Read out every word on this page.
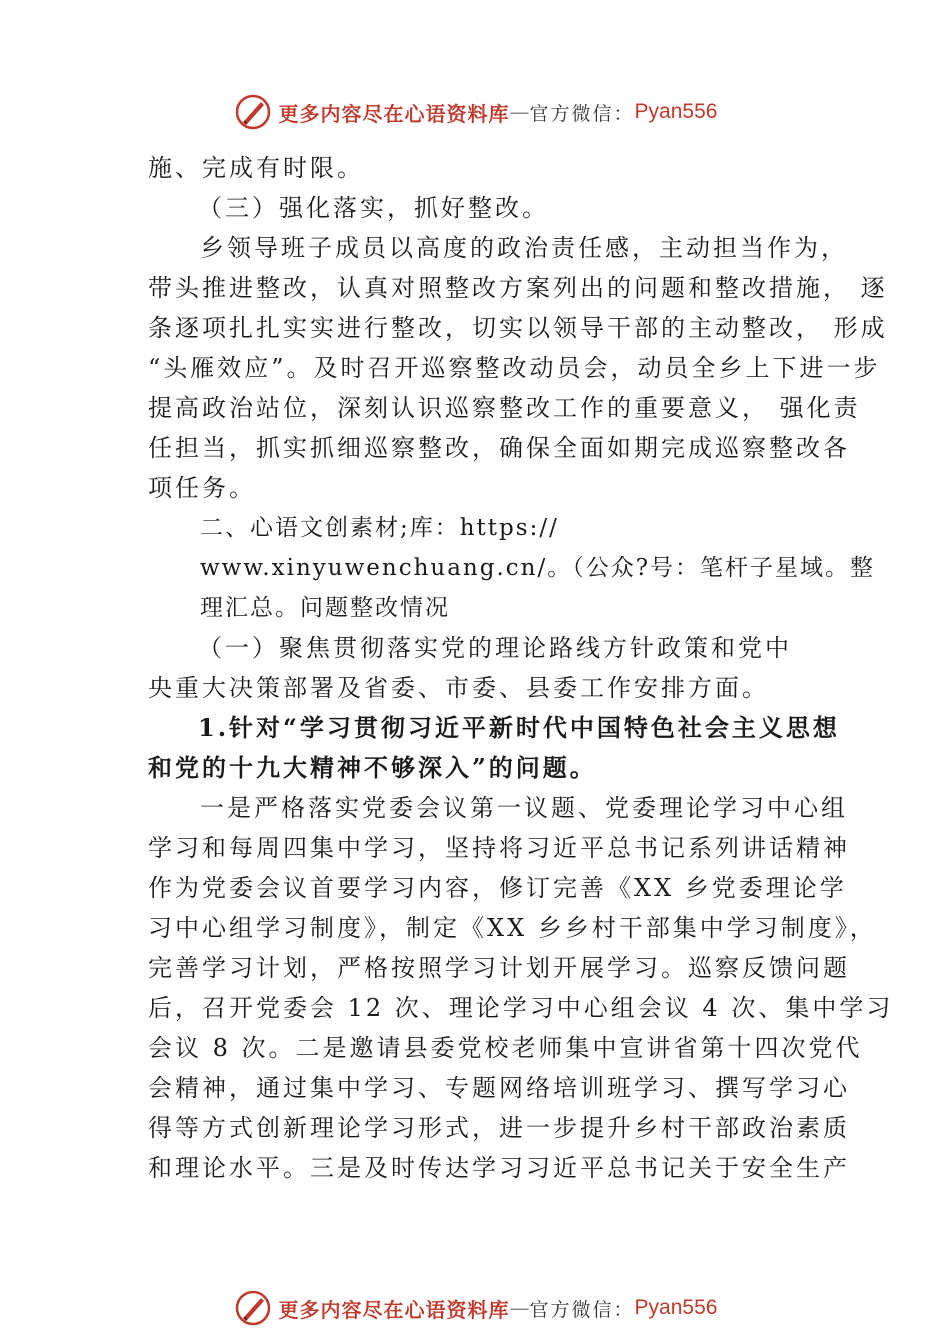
更多内容尽在心语资料库 — 官方微信： Pyan556
施、完成有时限。
（三）强化落实，抓好整改。
乡领导班子成员以高度的政治责任感，主动担当作为，
带头推进整改，认真对照整改方案列出的问题和整改措施， 逐
条逐项扎扎实实进行整改，切实以领导干部的主动整改， 形成
“头雁效应”。及时召开巡察整改动员会，动员全乡上下进一步
提高政治站位，深刻认识巡察整改工作的重要意义， 强化责
任担当，抓实抓细巡察整改，确保全面如期完成巡察整改各
项任务。
二、心语文创素材;库：https://
www.xinyuwenchuang.cn/。（公众?号：笔杆子星域。整
理汇总。问题整改情况
（一）聚焦贯彻落实党的理论路线方针政策和党中
央重大决策部署及省委、市委、县委工作安排方面。
1.针对“学习贯彻习近平新时代中国特色社会主义思想
和党的十九大精神不够深入”的问题。
一是严格落实党委会议第一议题、党委理论学习中心组
学习和每周四集中学习，坚持将习近平总书记系列讲话精神
作为党委会议首要学习内容，修订完善《XX 乡党委理论学
习中心组学习制度》，制定《XX 乡乡村干部集中学习制度》，
完善学习计划，严格按照学习计划开展学习。巡察反馈问题
后，召开党委会 12 次、理论学习中心组会议 4 次、集中学习
会议 8 次。二是邀请县委党校老师集中宣讲省第十四次党代
会精神，通过集中学习、专题网络培训班学习、撰写学习心
得等方式创新理论学习形式，进一步提升乡村干部政治素质
和理论水平。三是及时传达学习习近平总书记关于安全生产
更多内容尽在心语资料库 — 官方微信： Pyan556
